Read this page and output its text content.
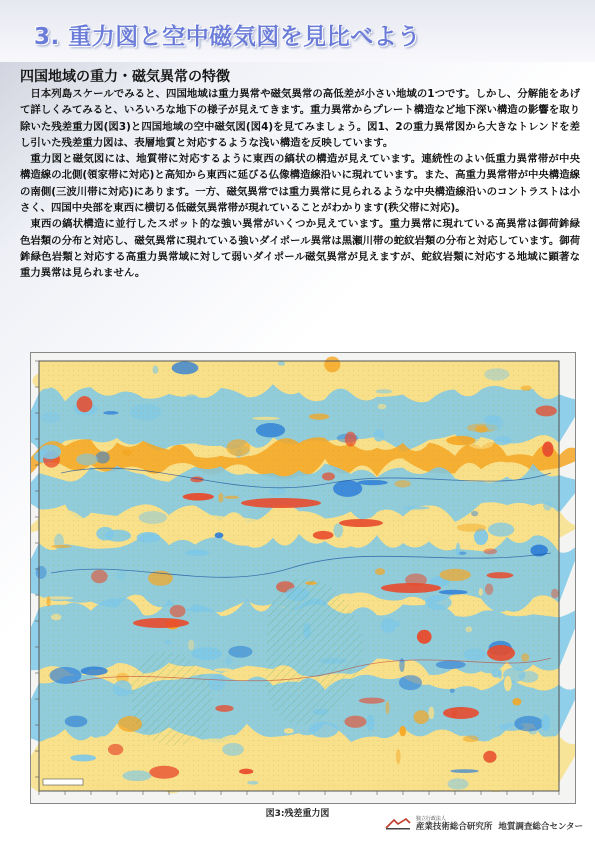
3. 重力図と空中磁気図を見比べよう
四国地域の重力・磁気異常の特徴

日本列島スケールでみると、四国地域は重力異常や磁気異常の高低差が小さい地域の1つです。しかし、分解能をあげて詳しくみてみると、いろいろな地下の様子が見えてきます。重力異常からプレート構造など地下深い構造の影響を取り除いた残差重力図(図3)と四国地域の空中磁気図(図4)を見てみましょう。図1、2の重力異常図から大きなトレンドを差し引いた残差重力図は、表層地質と対応するような浅い構造を反映しています。

重力図と磁気図には、地質帯に対応するように東西の縞状の構造が見えています。連続性のよい低重力異常帯が中央構造線の北側(領家帯に対応)と高知から東西に延びる仏像構造線沿いに現れています。また、高重力異常帯が中央構造線の南側(三波川帯に対応)にあります。一方、磁気異常では重力異常に見られるような中央構造線沿いのコントラストは小さく、四国中央部を東西に横切る低磁気異常帯が現れていることがわかります(秩父帯に対応)。

東西の縞状構造に並行したスポット的な強い異常がいくつか見えています。重力異常に現れている高異常は御荷鉾緑色岩類の分布と対応し、磁気異常に現れている強いダイポール異常は黒瀬川帯の蛇紋岩類の分布と対応しています。御荷鉾緑色岩類と対応する高重力異常域に対して弱いダイポール磁気異常が見えますが、蛇紋岩類に対応する地域に顕著な重力異常は見られません。

図3:残差重力図	独立行政法人
産業技術総合研究所 地質調査総合センター
